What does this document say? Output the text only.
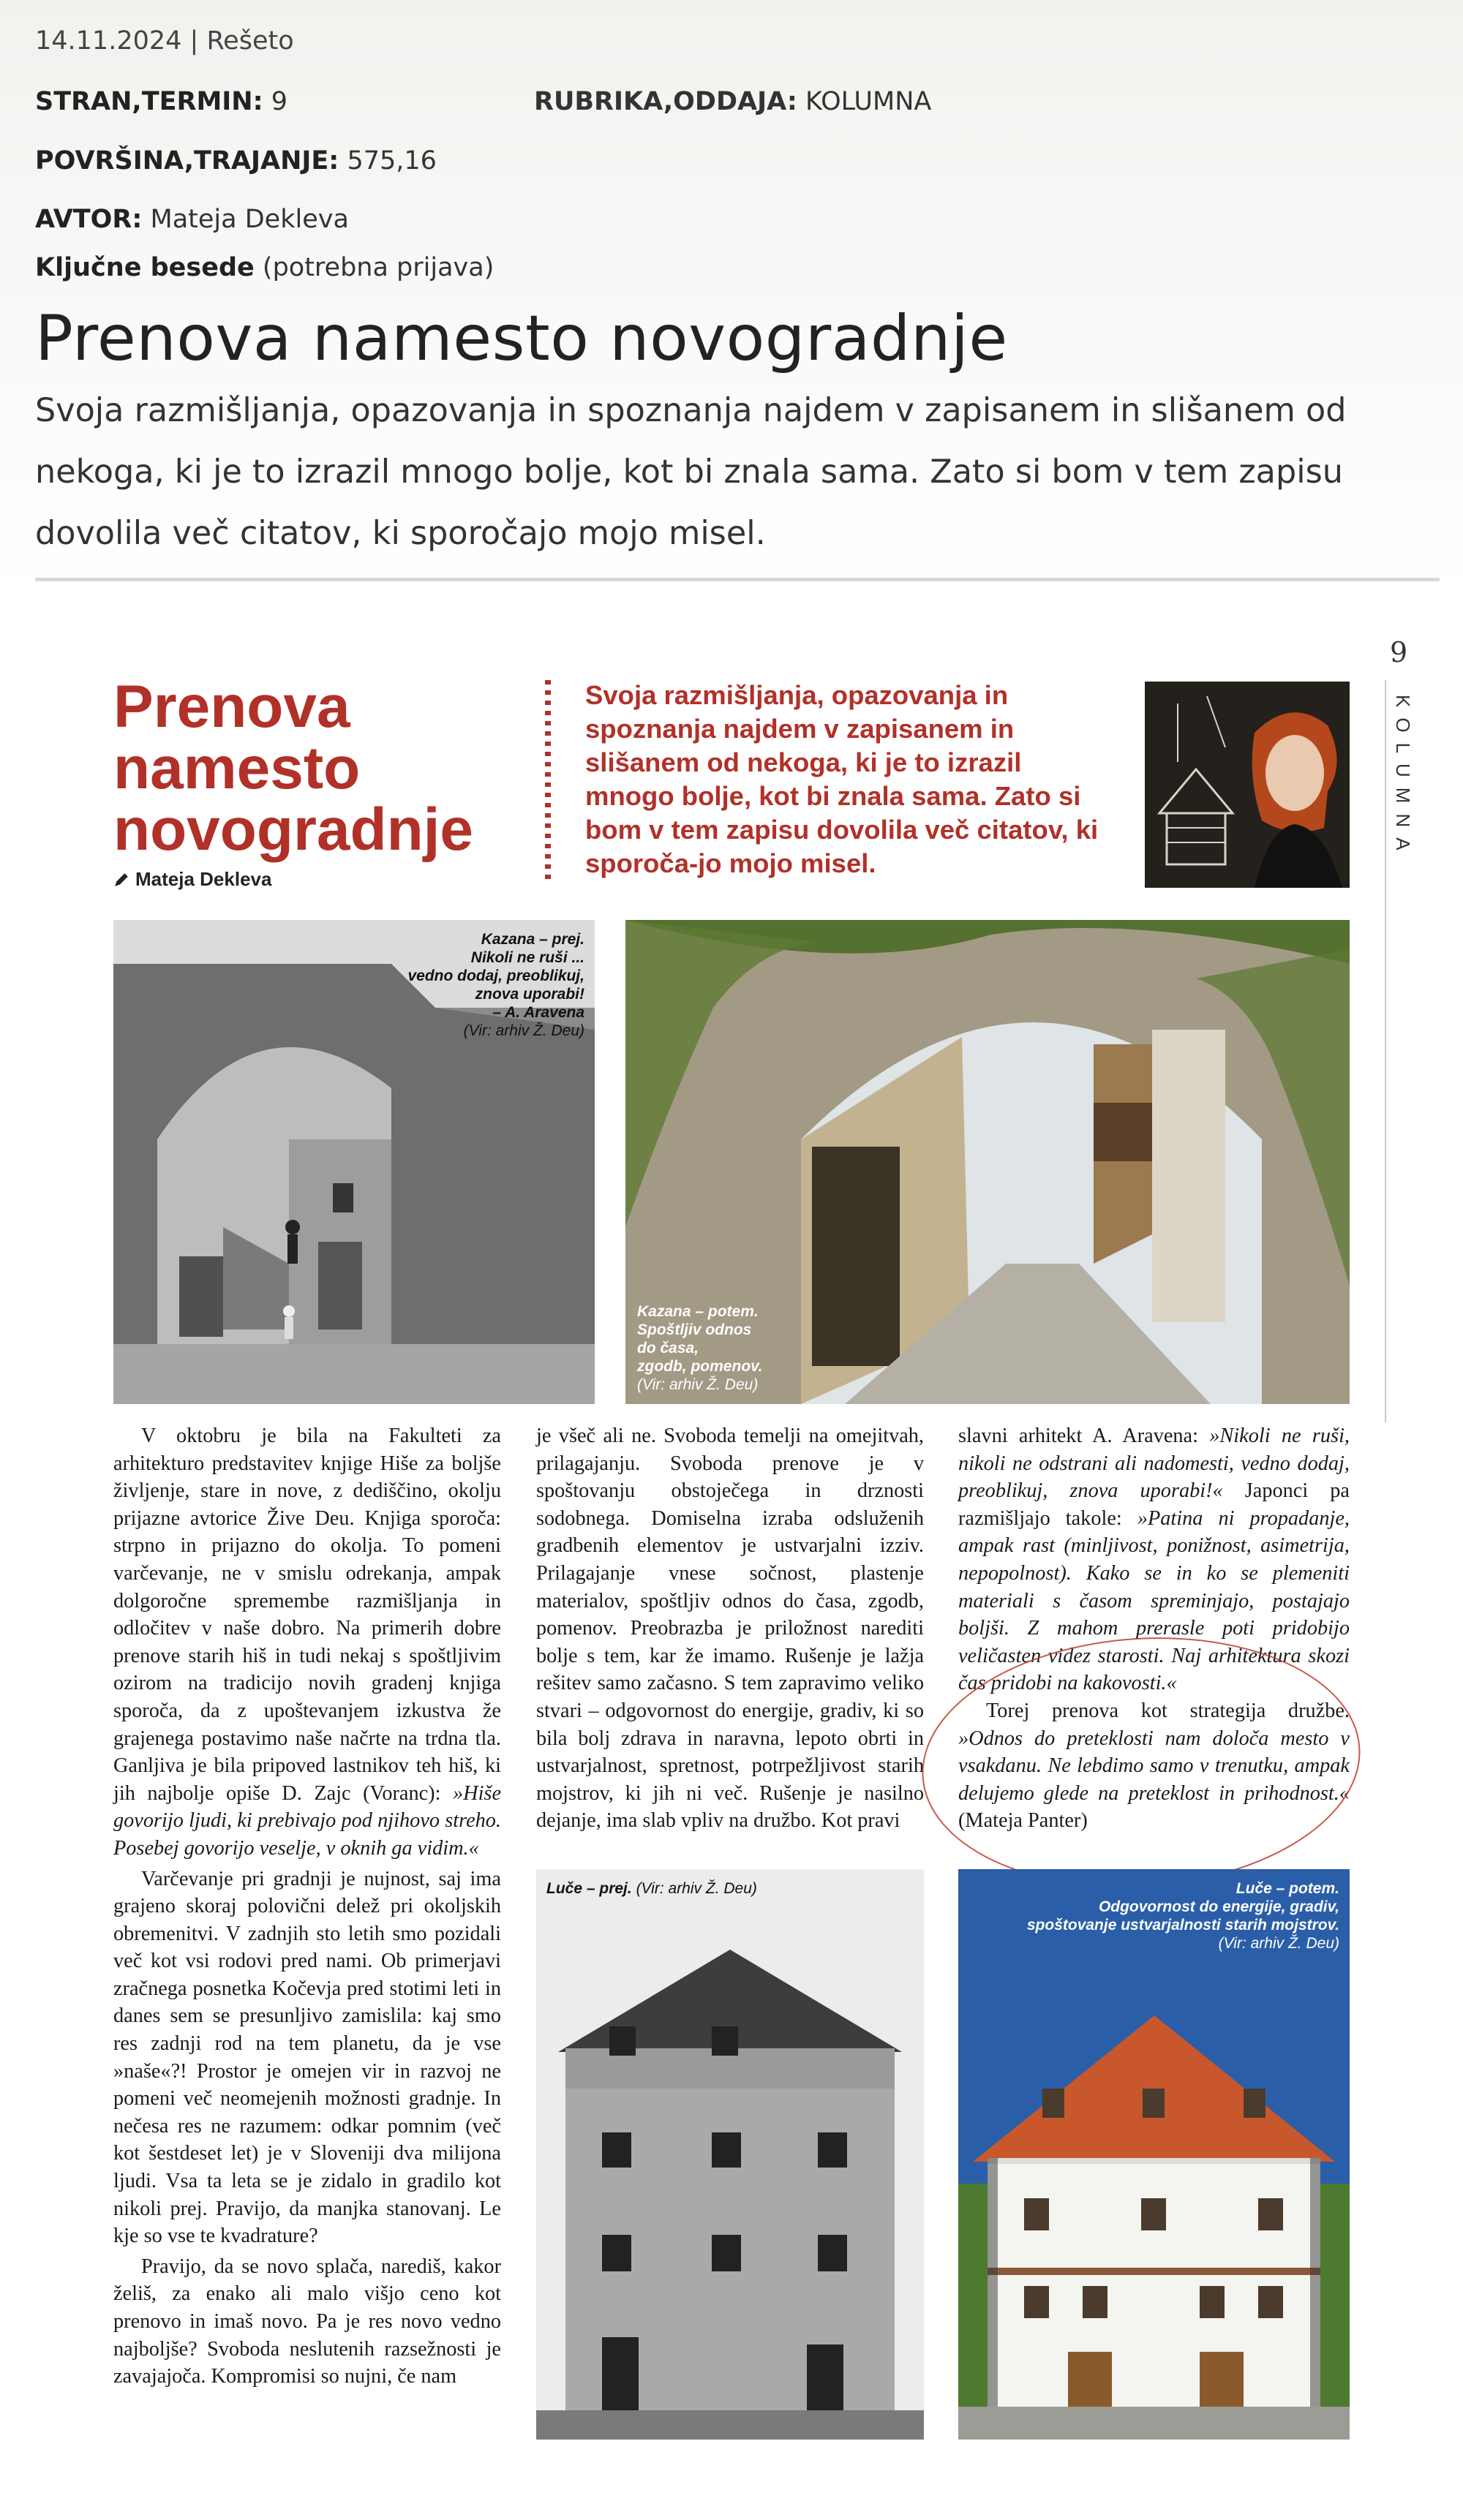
14.11.2024 | Rešeto
STRAN,TERMIN: 9	RUBRIKA,ODDAJA: KOLUMNA
POVRŠINA,TRAJANJE: 575,16
AVTOR: Mateja Dekleva
Ključne besede (potrebna prijava)
Prenova namesto novogradnje
Svoja razmišljanja, opazovanja in spoznanja najdem v zapisanem in slišanem od nekoga, ki je to izrazil mnogo bolje, kot bi znala sama. Zato si bom v tem zapisu dovolila več citatov, ki sporočajo mojo misel.
9
KOLUMNA
Prenova namesto novogradnje
Mateja Dekleva
Svoja razmišljanja, opazovanja in spoznanja najdem v zapisanem in slišanem od nekoga, ki je to izrazil mnogo bolje, kot bi znala sama. Zato si bom v tem zapisu dovolila več citatov, ki sporoča-jo mojo misel.
Kazana – prej.
Nikoli ne ruši ...
vedno dodaj, preoblikuj,
znova uporabi!
– A. Aravena
(Vir: arhiv Ž. Deu)
Kazana – potem.
Spoštljiv odnos
do časa,
zgodb, pomenov.
(Vir: arhiv Ž. Deu)

V oktobru je bila na Fakulteti za arhitekturo predstavitev knjige Hiše za boljše življenje, stare in nove, z dediščino, okolju prijazne avtorice Žive Deu. Knjiga sporoča: strpno in prijazno do okolja. To pomeni varčevanje, ne v smislu odrekanja, ampak dolgoročne spremembe razmišljanja in odločitev v naše dobro. Na primerih dobre prenove starih hiš in tudi nekaj s spoštljivim ozirom na tradicijo novih gradenj knjiga sporoča, da z upoštevanjem izkustva že grajenega postavimo naše načrte na trdna tla. Ganljiva je bila pripoved lastnikov teh hiš, ki jih najbolje opiše D. Zajc (Voranc): »Hiše govorijo ljudi, ki prebivajo pod njihovo streho. Posebej govorijo veselje, v oknih ga vidim.«

Varčevanje pri gradnji je nujnost, saj ima grajeno skoraj polovični delež pri okoljskih obremenitvi. V zadnjih sto letih smo pozidali več kot vsi rodovi pred nami. Ob primerjavi zračnega posnetka Kočevja pred stotimi leti in danes sem se presunljivo zamislila: kaj smo res zadnji rod na tem planetu, da je vse »naše«?! Prostor je omejen vir in razvoj ne pomeni več neomejenih možnosti gradnje. In nečesa res ne razumem: odkar pomnim (več kot šestdeset let) je v Sloveniji dva milijona ljudi. Vsa ta leta se je zidalo in gradilo kot nikoli prej. Pravijo, da manjka stanovanj. Le kje so vse te kvadrature?

Pravijo, da se novo splača, narediš, kakor želiš, za enako ali malo višjo ceno kot prenovo in imaš novo. Pa je res novo vedno najboljše? Svoboda neslutenih razsežnosti je zavajajoča. Kompromisi so nujni, če nam

je všeč ali ne. Svoboda temelji na omejitvah, prilagajanju. Svoboda prenove je v spoštovanju obstoječega in drznosti sodobnega. Domiselna izraba odsluženih gradbenih elementov je ustvarjalni izziv. Prilagajanje vnese sočnost, plastenje materialov, spoštljiv odnos do časa, zgodb, pomenov. Preobrazba je priložnost narediti bolje s tem, kar že imamo. Rušenje je lažja rešitev samo začasno. S tem zapravimo veliko stvari – odgovornost do energije, gradiv, ki so bila bolj zdrava in naravna, lepoto obrti in ustvarjalnost, spretnost, potrpežljivost starih mojstrov, ki jih ni več. Rušenje je nasilno dejanje, ima slab vpliv na družbo. Kot pravi

slavni arhitekt A. Aravena: »Nikoli ne ruši, nikoli ne odstrani ali nadomesti, vedno dodaj, preoblikuj, znova uporabi!« Japonci pa razmišljajo takole: »Patina ni propadanje, ampak rast (minljivost, ponižnost, asimetrija, nepopolnost). Kako se in ko se plemeniti materiali s časom spreminjajo, postajajo boljši. Z mahom preraslе poti pridobijo veličasten videz starosti. Naj arhitektura skozi čas pridobi na kakovosti.«

Torej prenova kot strategija družbe. »Odnos do preteklosti nam določa mesto v vsakdanu. Ne lebdimo samo v trenutku, ampak delujemo glede na preteklost in prihodnost.« (Mateja Panter)

Luče – prej. (Vir: arhiv Ž. Deu)	Luče – potem.
Odgovornost do energije, gradiv,
spoštovanje ustvarjalnosti starih mojstrov.
(Vir: arhiv Ž. Deu)
